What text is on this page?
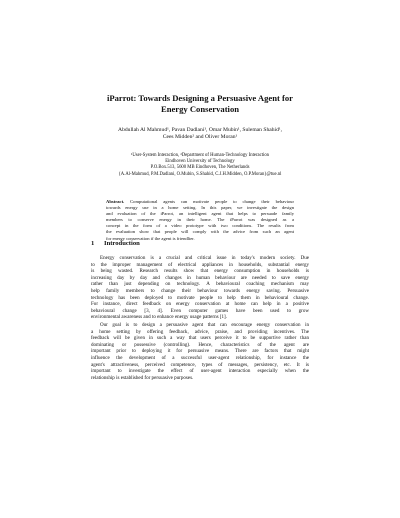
iParrot: Towards Designing a Persuasive Agent for
Energy Conservation
Abdullah Al Mahmud¹, Pavan Dadlani¹, Omar Mubin¹, Suleman Shahid¹,
Cees Midden² and Oliver Moran¹
¹User-System Interaction, ²Department of Human-Technology Interaction
Eindhoven University of Technology
P.O.Box.513, 5600 MB Eindhoven, The Netherlands
{A.Al-Mahmud, P.M.Dadlani, O.Mubin, S.Shahid, C.J.H.Midden, O.P.Moran}@tue.nl
Abstract. Computational agents can motivate people to change their behaviour
towards energy use in a home setting. In this paper, we investigate the design
and evaluation of the iParrot, an intelligent agent that helps to persuade family
members to conserve energy in their home. The iParrot was designed as a
concept in the form of a video prototype with two conditions. The results from
the evaluation show that people will comply with the advice from such an agent
for energy conservation if the agent is friendlier.
1 Introduction
Energy conservation is a crucial and critical issue in today's modern society. Due
to the improper management of electrical appliances in households, substantial energy
is being wasted. Research results show that energy consumption in households is
increasing day by day and changes in human behaviour are needed to save energy
rather than just depending on technology. A behavioural coaching mechanism may
help family members to change their behaviour towards energy saving. Persuasive
technology has been deployed to motivate people to help them in behavioural change.
For instance, direct feedback on energy conservation at home can help in a positive
behavioural change [3, 4]. Even computer games have been used to grow
environmental awareness and to enhance energy usage patterns [1].
Our goal is to design a persuasive agent that can encourage energy conservation in
a home setting by offering feedback, advice, praise, and providing incentives. The
feedback will be given in such a way that users perceive it to be supportive rather than
dominating or possessive (controlling). Hence, characteristics of the agent are
important prior to deploying it for persuasive means. There are factors that might
influence the development of a successful user-agent relationship, for instance the
agent's attractiveness, perceived competence, types of messages, persistency, etc. It is
important to investigate the effect of user-agent interaction especially when the
relationship is established for persuasive purposes.
